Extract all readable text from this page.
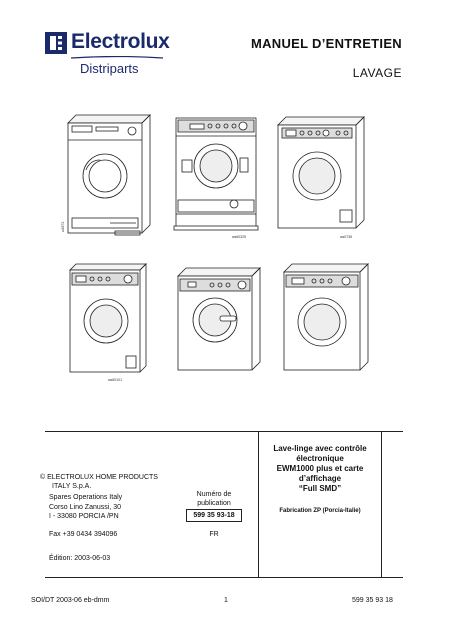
Electrolux
Distriparts
MANUEL D’ENTRETIEN
LAVAGE
w2872
ws60325	ws0735
ws60101
© ELECTROLUX HOME PRODUCTS
ITALY S.p.A.
Spares Operations Italy
Corso Lino Zanussi, 30
I - 33080 PORCIA /PN
Fax +39 0434 394096
Édition: 2003-06-03
Numéro de
publication
599 35 93-18
FR
Lave-linge avec contrôle
électronique
EWM1000 plus et carte
d’affichage
“Full SMD”
Fabrication ZP (Porcia-Italie)
SOI/DT 2003-06 eb-dmm	1	599 35 93 18
